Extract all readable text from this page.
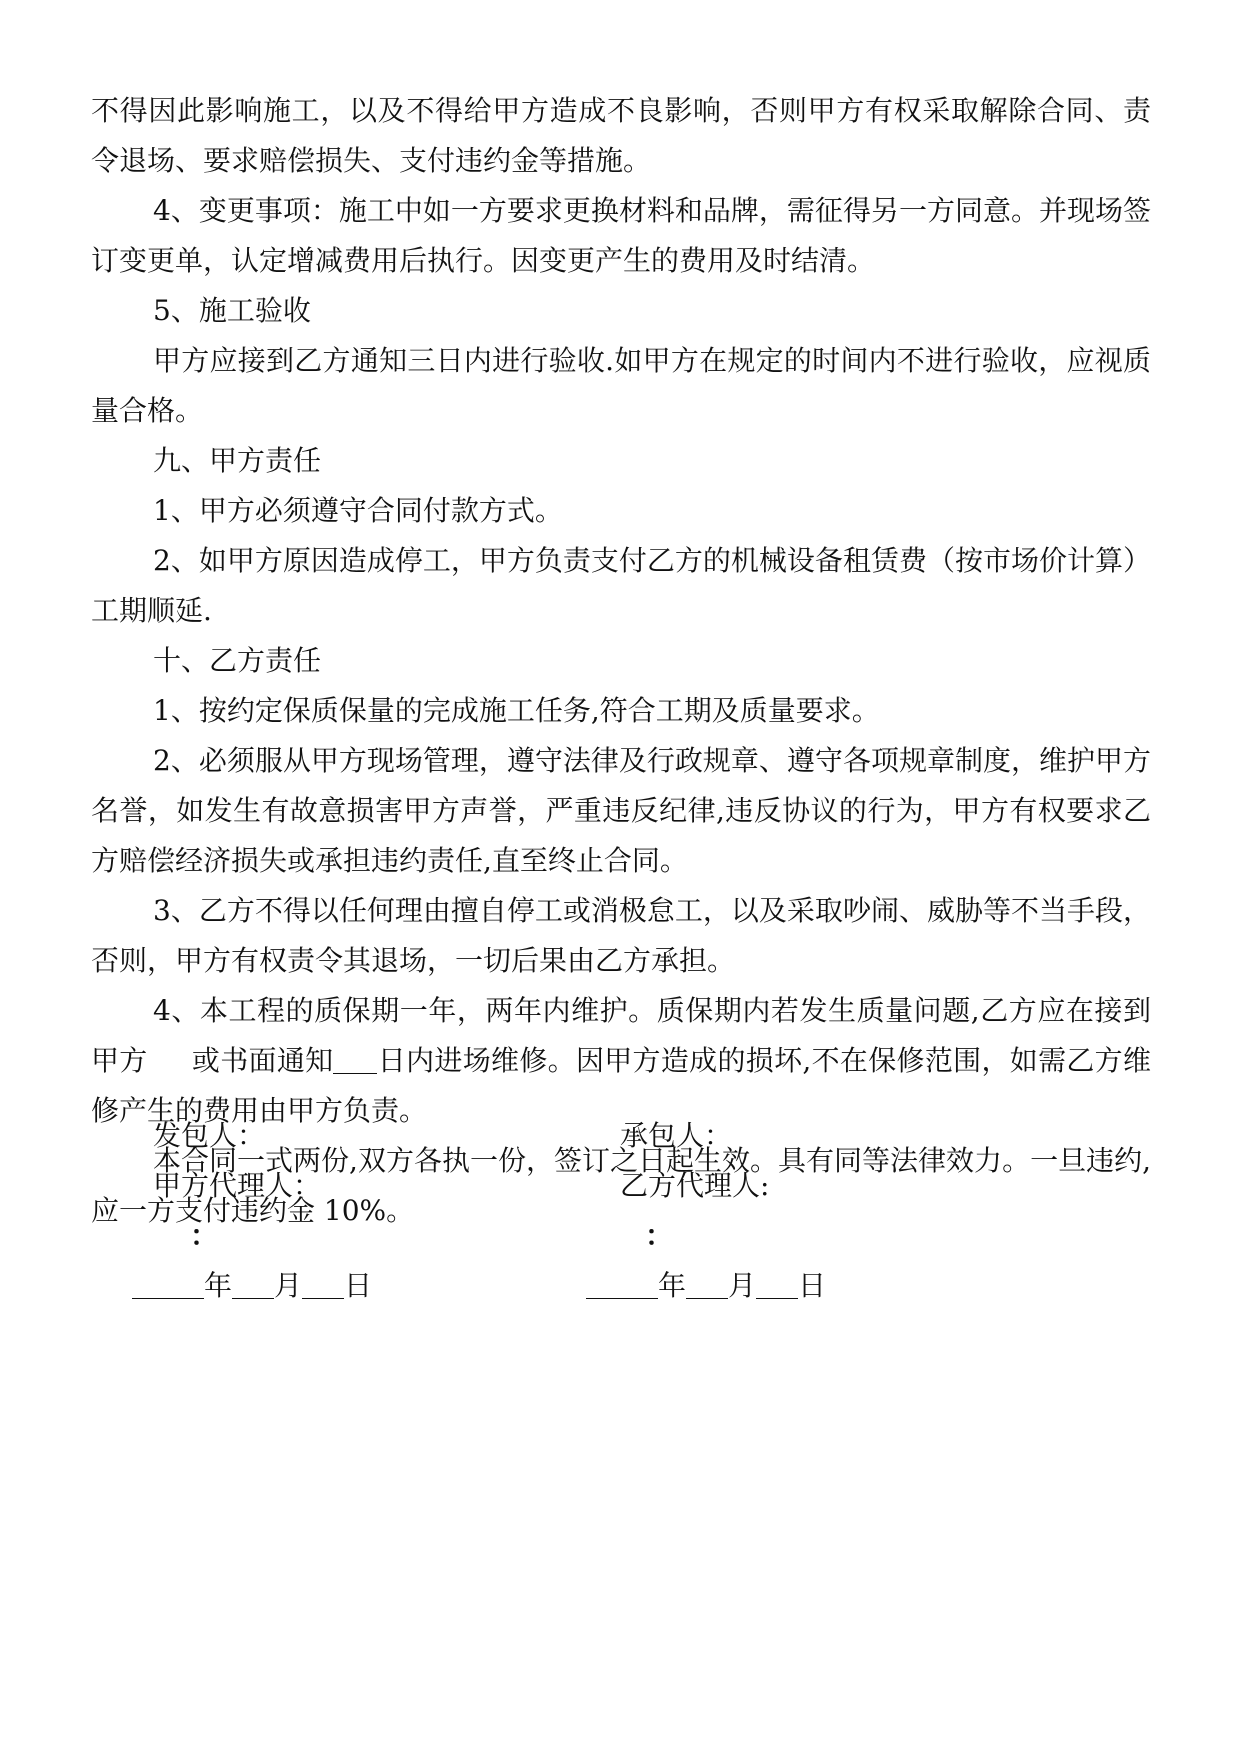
不得因此影响施工，以及不得给甲方造成不良影响，否则甲方有权采取解除合同、责令退场、要求赔偿损失、支付违约金等措施。

4、变更事项：施工中如一方要求更换材料和品牌，需征得另一方同意。并现场签订变更单，认定增减费用后执行。因变更产生的费用及时结清。

5、施工验收

甲方应接到乙方通知三日内进行验收.如甲方在规定的时间内不进行验收，应视质量合格。

九、甲方责任

1、甲方必须遵守合同付款方式。

2、如甲方原因造成停工，甲方负责支付乙方的机械设备租赁费（按市场价计算）工期顺延.

十、乙方责任

1、按约定保质保量的完成施工任务,符合工期及质量要求。

2、必须服从甲方现场管理，遵守法律及行政规章、遵守各项规章制度，维护甲方名誉，如发生有故意损害甲方声誉，严重违反纪律,违反协议的行为，甲方有权要求乙方赔偿经济损失或承担违约责任,直至终止合同。

3、乙方不得以任何理由擅自停工或消极怠工，以及采取吵闹、威胁等不当手段，否则，甲方有权责令其退场，一切后果由乙方承担。

4、本工程的质保期一年，两年内维护。质保期内若发生质量问题,乙方应在接到甲方 或书面通知 日内进场维修。因甲方造成的损坏,不在保修范围，如需乙方维修产生的费用由甲方负责。

本合同一式两份,双方各执一份，签订之日起生效。具有同等法律效力。一旦违约,应一方支付违约金 10%。

发包人：	承包人：
甲方代理人：	乙方代理人:
：	：
年 月 日	年 月 日
